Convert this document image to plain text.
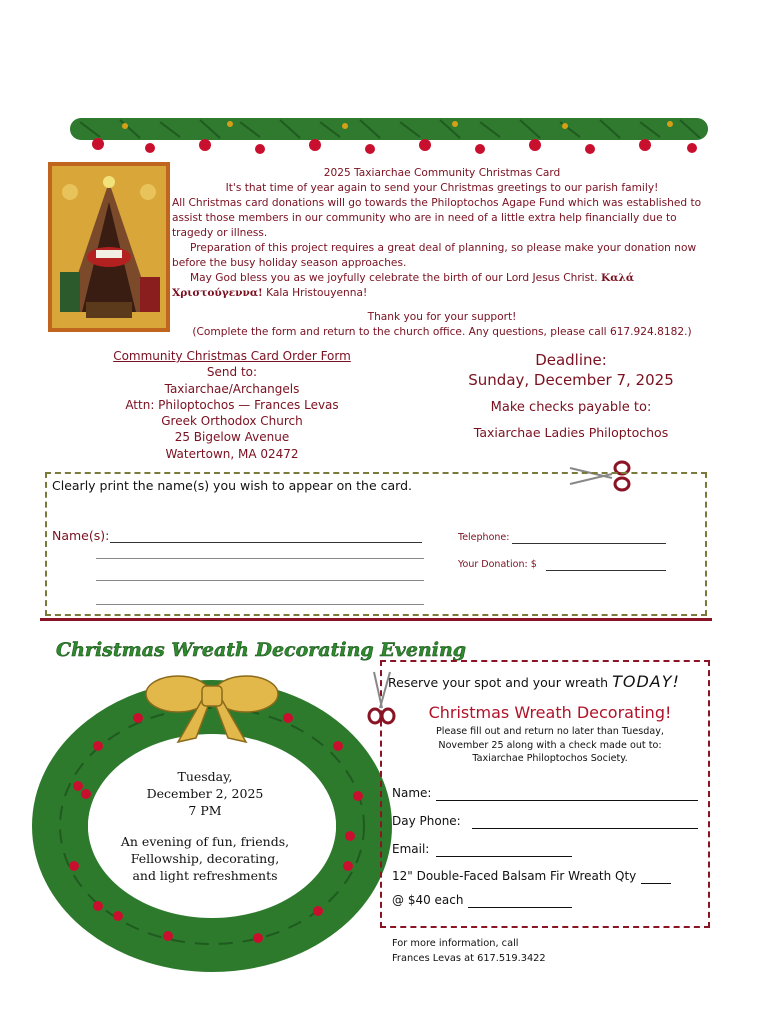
2025 Taxiarchae Community Christmas Card

It's that time of year again to send your Christmas greetings to our parish family!

All Christmas card donations will go towards the Philoptochos Agape Fund which was established to assist those members in our community who are in need of a little extra help financially due to tragedy or illness.

Preparation of this project requires a great deal of planning, so please make your donation now before the busy holiday season approaches.

May God bless you as we joyfully celebrate the birth of our Lord Jesus Christ. Καλά Χριστούγεννα! Kala Hristouyenna!

Thank you for your support!

(Complete the form and return to the church office. Any questions, please call 617.924.8182.)

Community Christmas Card Order Form
Send to:
Taxiarchae/Archangels
Attn: Philoptochos — Frances Levas
Greek Orthodox Church
25 Bigelow Avenue
Watertown, MA 02472
Deadline:
Sunday, December 7, 2025
Make checks payable to:
Taxiarchae Ladies Philoptochos
Clearly print the name(s) you wish to appear on the card.
Name(s):	Telephone:
Your Donation: $
Christmas Wreath Decorating Evening
Tuesday,
December 2, 2025
7 PM
An evening of fun, friends,
Fellowship, decorating,
and light refreshments
Reserve your spot and your wreath TODAY!
Christmas Wreath Decorating!
Please fill out and return no later than Tuesday,
November 25 along with a check made out to:
Taxiarchae Philoptochos Society.
Name:
Day Phone:
Email:
12" Double-Faced Balsam Fir Wreath Qty
@ $40 each
For more information, call
Frances Levas at 617.519.3422
